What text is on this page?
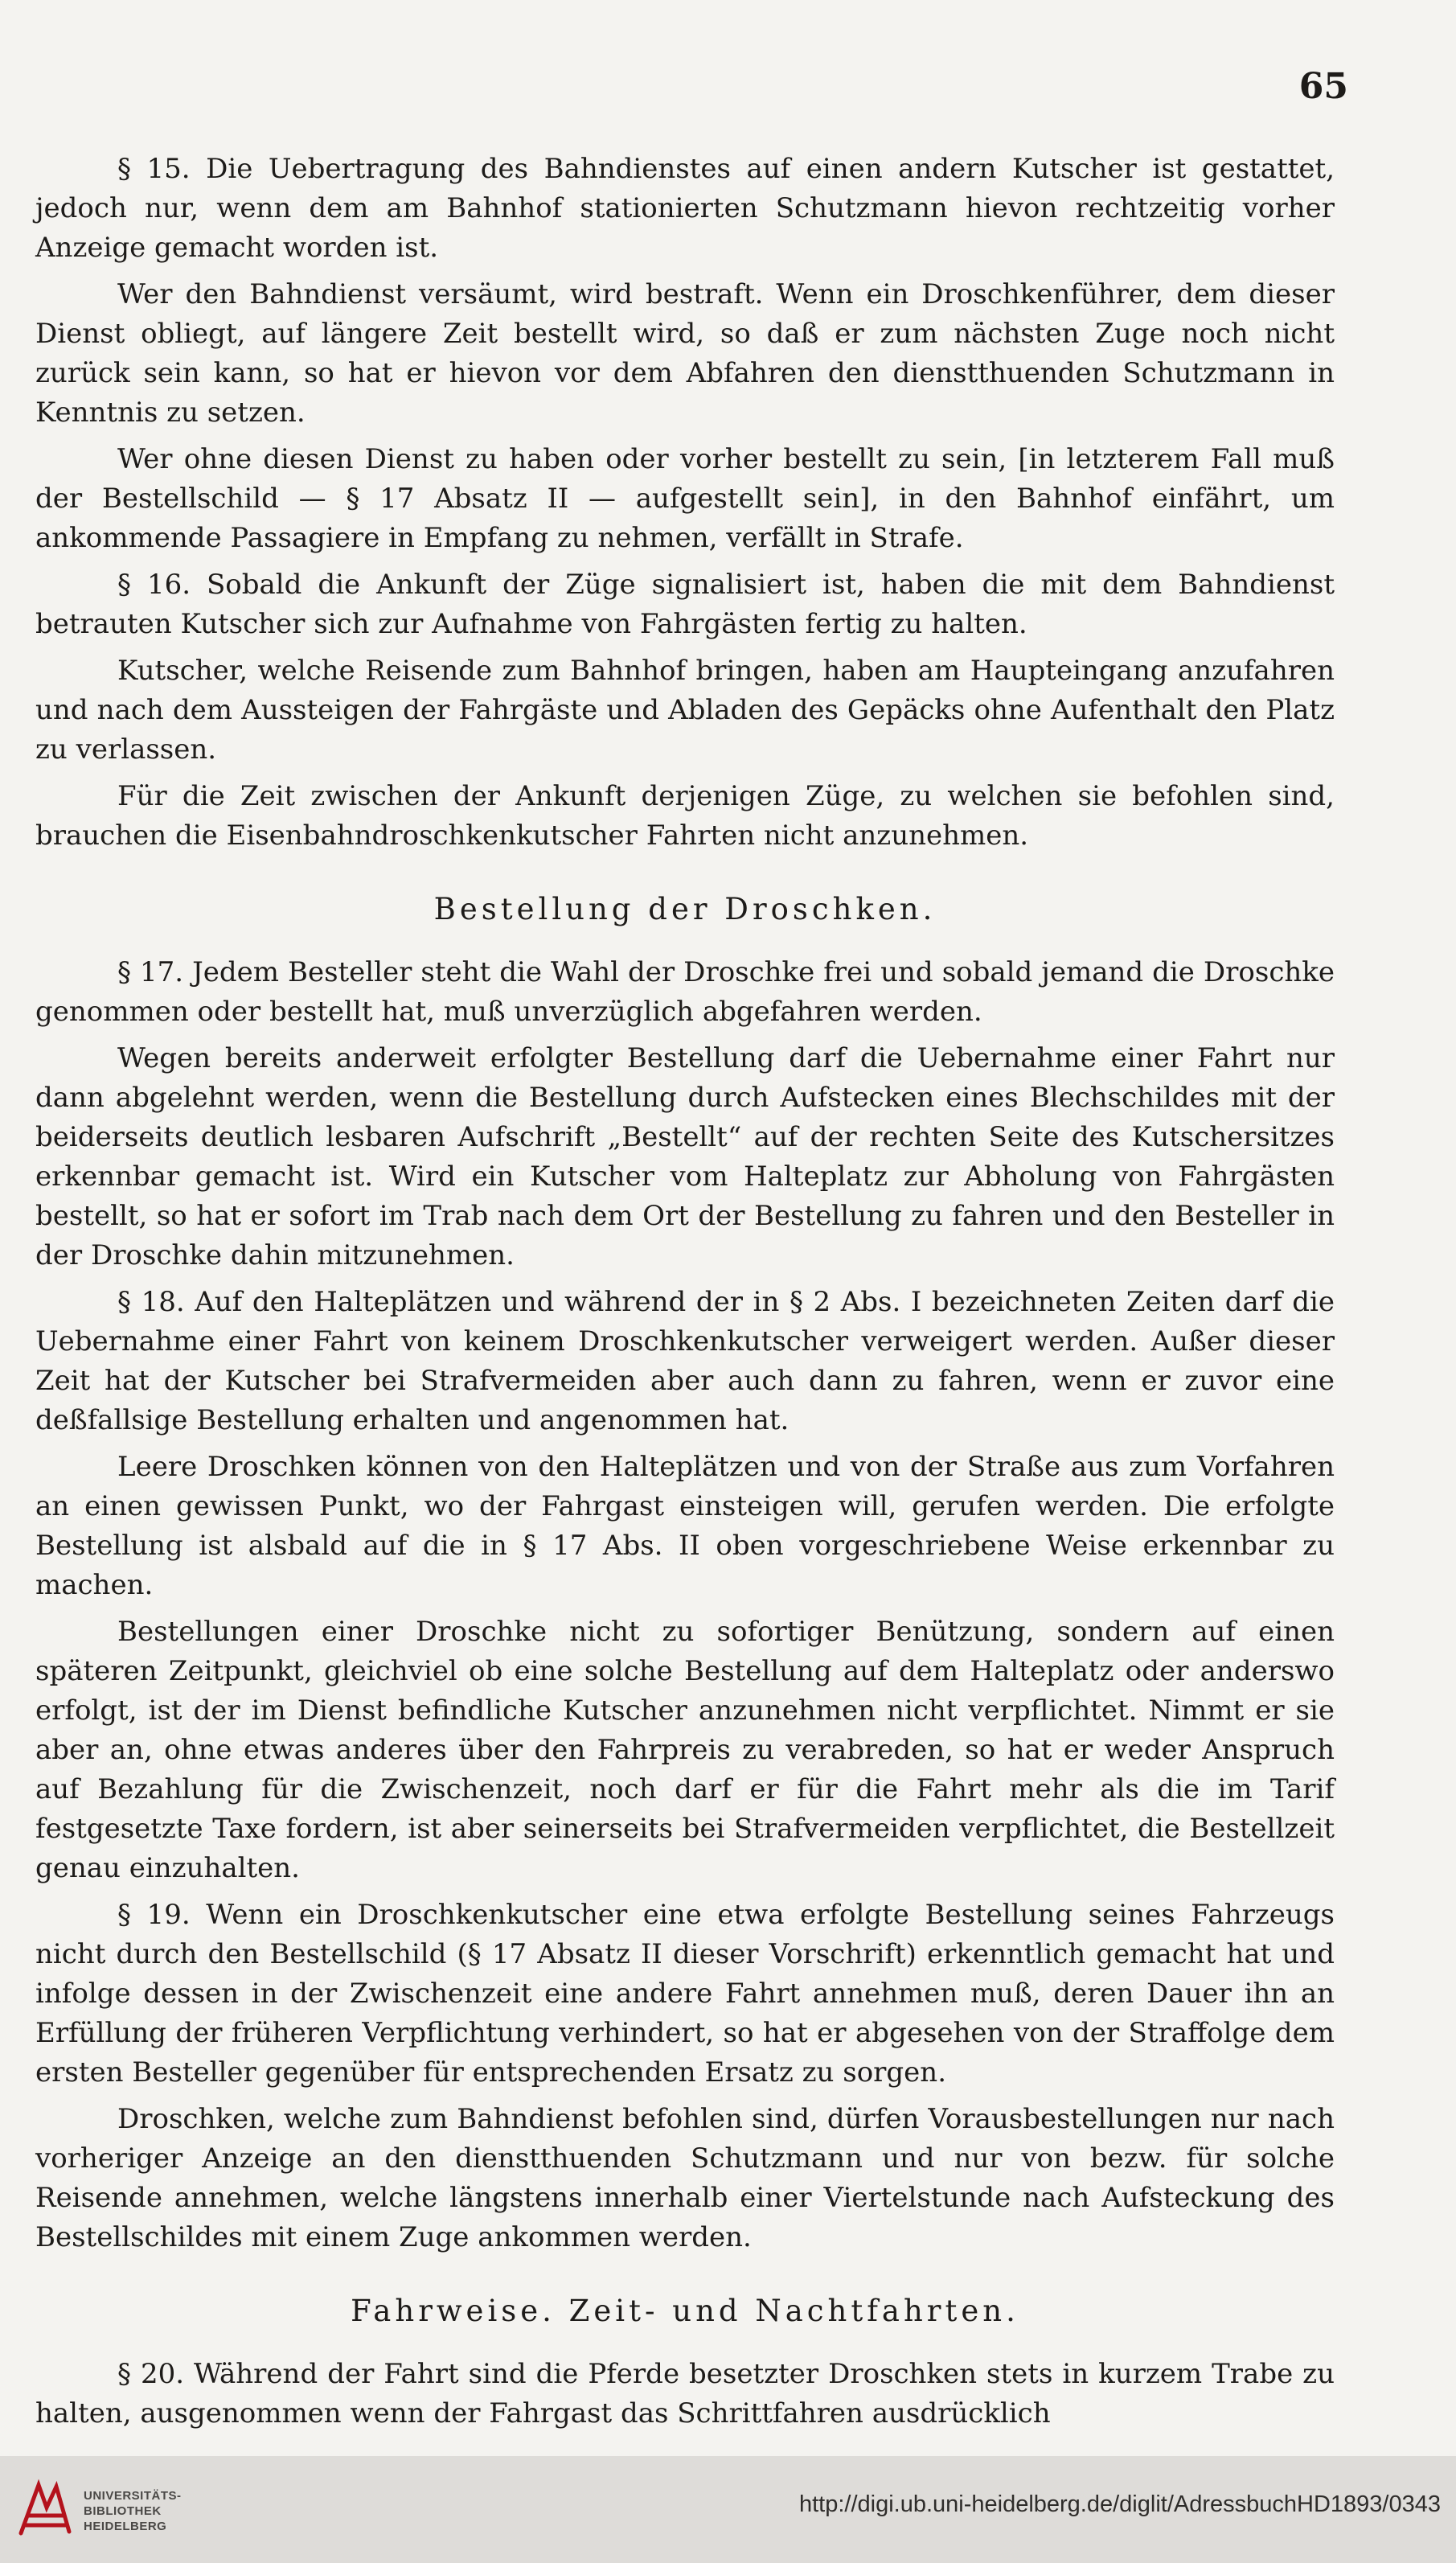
65

§ 15. Die Uebertragung des Bahndienstes auf einen andern Kutscher ist gestattet, jedoch nur, wenn dem am Bahnhof stationierten Schutzmann hievon rechtzeitig vorher Anzeige gemacht worden ist.

Wer den Bahndienst versäumt, wird bestraft. Wenn ein Droschkenführer, dem dieser Dienst obliegt, auf längere Zeit bestellt wird, so daß er zum nächsten Zuge noch nicht zurück sein kann, so hat er hievon vor dem Abfahren den dienstthuenden Schutzmann in Kenntnis zu setzen.

Wer ohne diesen Dienst zu haben oder vorher bestellt zu sein, [in letzterem Fall muß der Bestellschild — § 17 Absatz II — aufgestellt sein], in den Bahnhof einfährt, um ankommende Passagiere in Empfang zu nehmen, verfällt in Strafe.

§ 16. Sobald die Ankunft der Züge signalisiert ist, haben die mit dem Bahndienst betrauten Kutscher sich zur Aufnahme von Fahrgästen fertig zu halten.

Kutscher, welche Reisende zum Bahnhof bringen, haben am Haupteingang anzufahren und nach dem Aussteigen der Fahrgäste und Abladen des Gepäcks ohne Aufenthalt den Platz zu verlassen.

Für die Zeit zwischen der Ankunft derjenigen Züge, zu welchen sie befohlen sind, brauchen die Eisenbahndroschkenkutscher Fahrten nicht anzunehmen.

Bestellung der Droschken.

§ 17. Jedem Besteller steht die Wahl der Droschke frei und sobald jemand die Droschke genommen oder bestellt hat, muß unverzüglich abgefahren werden.

Wegen bereits anderweit erfolgter Bestellung darf die Uebernahme einer Fahrt nur dann abgelehnt werden, wenn die Bestellung durch Aufstecken eines Blechschildes mit der beiderseits deutlich lesbaren Aufschrift „Bestellt“ auf der rechten Seite des Kutschersitzes erkennbar gemacht ist. Wird ein Kutscher vom Halteplatz zur Abholung von Fahrgästen bestellt, so hat er sofort im Trab nach dem Ort der Bestellung zu fahren und den Besteller in der Droschke dahin mitzunehmen.

§ 18. Auf den Halteplätzen und während der in § 2 Abs. I bezeichneten Zeiten darf die Uebernahme einer Fahrt von keinem Droschkenkutscher verweigert werden. Außer dieser Zeit hat der Kutscher bei Strafvermeiden aber auch dann zu fahren, wenn er zuvor eine deßfallsige Bestellung erhalten und angenommen hat.

Leere Droschken können von den Halteplätzen und von der Straße aus zum Vorfahren an einen gewissen Punkt, wo der Fahrgast einsteigen will, gerufen werden. Die erfolgte Bestellung ist alsbald auf die in § 17 Abs. II oben vorgeschriebene Weise erkennbar zu machen.

Bestellungen einer Droschke nicht zu sofortiger Benützung, sondern auf einen späteren Zeitpunkt, gleichviel ob eine solche Bestellung auf dem Halteplatz oder anderswo erfolgt, ist der im Dienst befindliche Kutscher anzunehmen nicht verpflichtet. Nimmt er sie aber an, ohne etwas anderes über den Fahrpreis zu verabreden, so hat er weder Anspruch auf Bezahlung für die Zwischenzeit, noch darf er für die Fahrt mehr als die im Tarif festgesetzte Taxe fordern, ist aber seinerseits bei Strafvermeiden verpflichtet, die Bestellzeit genau einzuhalten.

§ 19. Wenn ein Droschkenkutscher eine etwa erfolgte Bestellung seines Fahrzeugs nicht durch den Bestellschild (§ 17 Absatz II dieser Vorschrift) erkenntlich gemacht hat und infolge dessen in der Zwischenzeit eine andere Fahrt annehmen muß, deren Dauer ihn an Erfüllung der früheren Verpflichtung verhindert, so hat er abgesehen von der Straffolge dem ersten Besteller gegenüber für entsprechenden Ersatz zu sorgen.

Droschken, welche zum Bahndienst befohlen sind, dürfen Vorausbestellungen nur nach vorheriger Anzeige an den dienstthuenden Schutzmann und nur von bezw. für solche Reisende annehmen, welche längstens innerhalb einer Viertelstunde nach Aufsteckung des Bestellschildes mit einem Zuge ankommen werden.

Fahrweise. Zeit- und Nachtfahrten.

§ 20. Während der Fahrt sind die Pferde besetzter Droschken stets in kurzem Trabe zu halten, ausgenommen wenn der Fahrgast das Schrittfahren ausdrücklich

UNIVERSITÄTS-
BIBLIOTHEK
HEIDELBERG
http://digi.ub.uni-heidelberg.de/diglit/AdressbuchHD1893/0343
